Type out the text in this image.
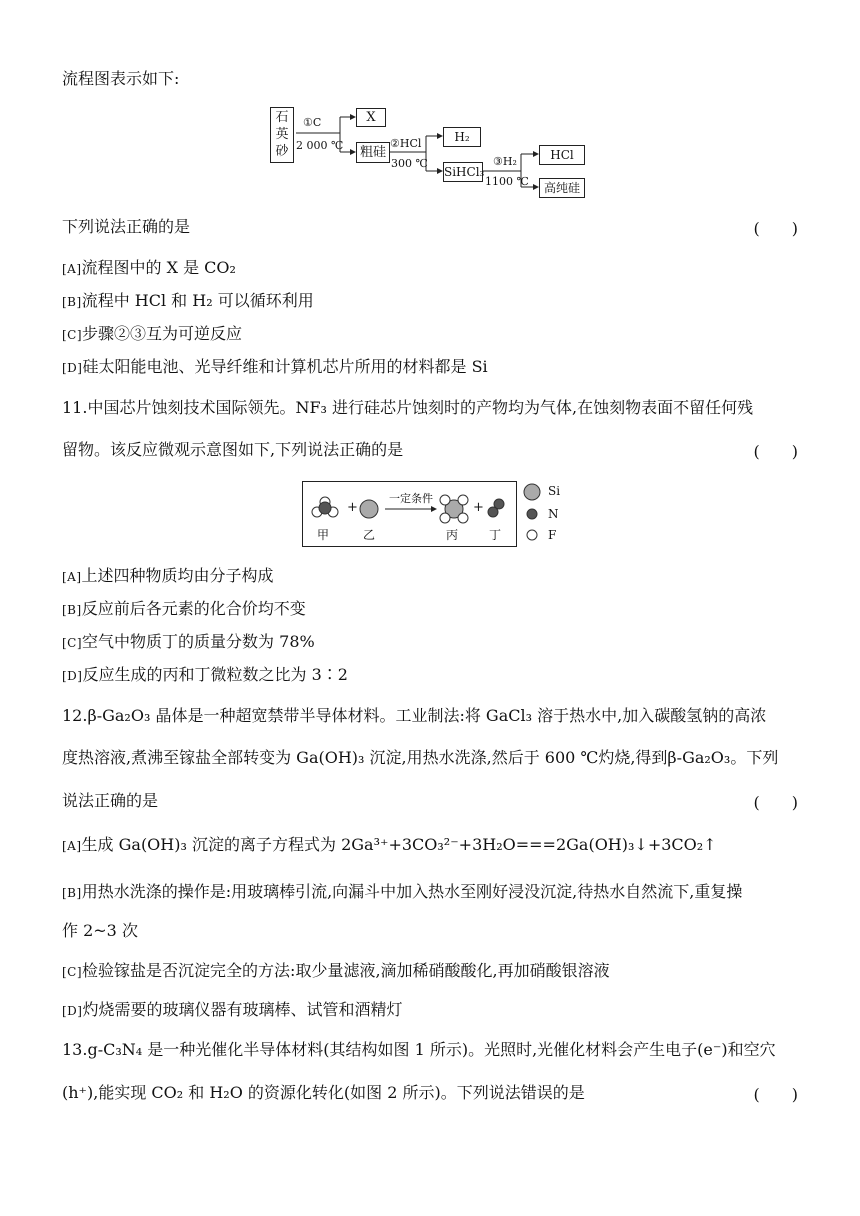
流程图表示如下:
石英砂
①C
2 000 ℃
X
粗硅
②HCl
300 ℃
H₂
SiHCl₃
③H₂
1100 ℃
HCl
高纯硅
下列说法正确的是	(　　)
[A]流程图中的 X 是 CO₂
[B]流程中 HCl 和 H₂ 可以循环利用
[C]步骤②③互为可逆反应
[D]硅太阳能电池、光导纤维和计算机芯片所用的材料都是 Si
11.中国芯片蚀刻技术国际领先。NF₃ 进行硅芯片蚀刻时的产物均为气体,在蚀刻物表面不留任何残
留物。该反应微观示意图如下,下列说法正确的是	(　　)
+	+
一定条件
甲	乙	丙	丁
Si
N
F
[A]上述四种物质均由分子构成
[B]反应前后各元素的化合价均不变
[C]空气中物质丁的质量分数为 78%
[D]反应生成的丙和丁微粒数之比为 3∶2
12.β-Ga₂O₃ 晶体是一种超宽禁带半导体材料。工业制法:将 GaCl₃ 溶于热水中,加入碳酸氢钠的高浓
度热溶液,煮沸至镓盐全部转变为 Ga(OH)₃ 沉淀,用热水洗涤,然后于 600 ℃灼烧,得到β-Ga₂O₃。下列
说法正确的是	(　　)
[A]生成 Ga(OH)₃ 沉淀的离子方程式为 2Ga³⁺+3CO₃²⁻+3H₂O===2Ga(OH)₃↓+3CO₂↑
[B]用热水洗涤的操作是:用玻璃棒引流,向漏斗中加入热水至刚好浸没沉淀,待热水自然流下,重复操
作 2~3 次
[C]检验镓盐是否沉淀完全的方法:取少量滤液,滴加稀硝酸酸化,再加硝酸银溶液
[D]灼烧需要的玻璃仪器有玻璃棒、试管和酒精灯
13.g-C₃N₄ 是一种光催化半导体材料(其结构如图 1 所示)。光照时,光催化材料会产生电子(e⁻)和空穴
(h⁺),能实现 CO₂ 和 H₂O 的资源化转化(如图 2 所示)。下列说法错误的是	(　　)
